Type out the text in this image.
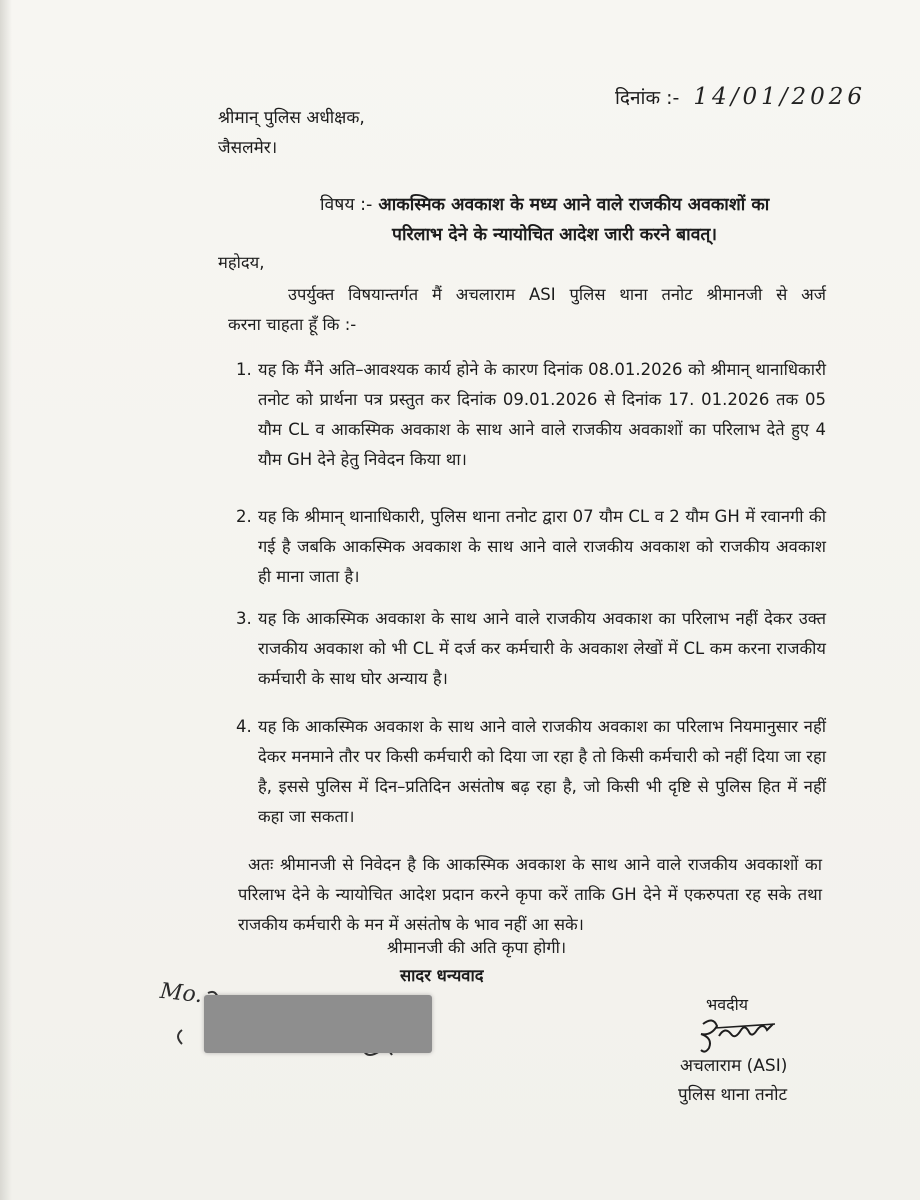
दिनांक :- 14/01/2026
श्रीमान् पुलिस अधीक्षक,
जैसलमेर।
विषय :- आकस्मिक अवकाश के मध्य आने वाले राजकीय अवकाशों का
परिलाभ देने के न्यायोचित आदेश जारी करने बावत्।
महोदय,
उपर्युक्त विषयान्तर्गत मैं अचलाराम ASI पुलिस थाना तनोट श्रीमानजी से अर्ज
करना चाहता हूँ कि :-
1. यह कि मैंने अति–आवश्यक कार्य होने के कारण दिनांक 08.01.2026 को श्रीमान् थानाधिकारी तनोट को प्रार्थना पत्र प्रस्तुत कर दिनांक 09.01.2026 से दिनांक 17. 01.2026 तक 05 यौम CL व आकस्मिक अवकाश के साथ आने वाले राजकीय अवकाशों का परिलाभ देते हुए 4 यौम GH देने हेतु निवेदन किया था।
2. यह कि श्रीमान् थानाधिकारी, पुलिस थाना तनोट द्वारा 07 यौम CL व 2 यौम GH में रवानगी की गई है जबकि आकस्मिक अवकाश के साथ आने वाले राजकीय अवकाश को राजकीय अवकाश ही माना जाता है।
3. यह कि आकस्मिक अवकाश के साथ आने वाले राजकीय अवकाश का परिलाभ नहीं देकर उक्त राजकीय अवकाश को भी CL में दर्ज कर कर्मचारी के अवकाश लेखों में CL कम करना राजकीय कर्मचारी के साथ घोर अन्याय है।
4. यह कि आकस्मिक अवकाश के साथ आने वाले राजकीय अवकाश का परिलाभ नियमानुसार नहीं देकर मनमाने तौर पर किसी कर्मचारी को दिया जा रहा है तो किसी कर्मचारी को नहीं दिया जा रहा है, इससे पुलिस में दिन–प्रतिदिन असंतोष बढ़ रहा है, जो किसी भी दृष्टि से पुलिस हित में नहीं कहा जा सकता।
अतः श्रीमानजी से निवेदन है कि आकस्मिक अवकाश के साथ आने वाले राजकीय अवकाशों का परिलाभ देने के न्यायोचित आदेश प्रदान करने कृपा करें ताकि GH देने में एकरुपता रह सके तथा राजकीय कर्मचारी के मन में असंतोष के भाव नहीं आ सके।
श्रीमानजी की अति कृपा होगी।
सादर धन्यवाद
Mo.	भवदीय
अचलाराम (ASI)
पुलिस थाना तनोट
